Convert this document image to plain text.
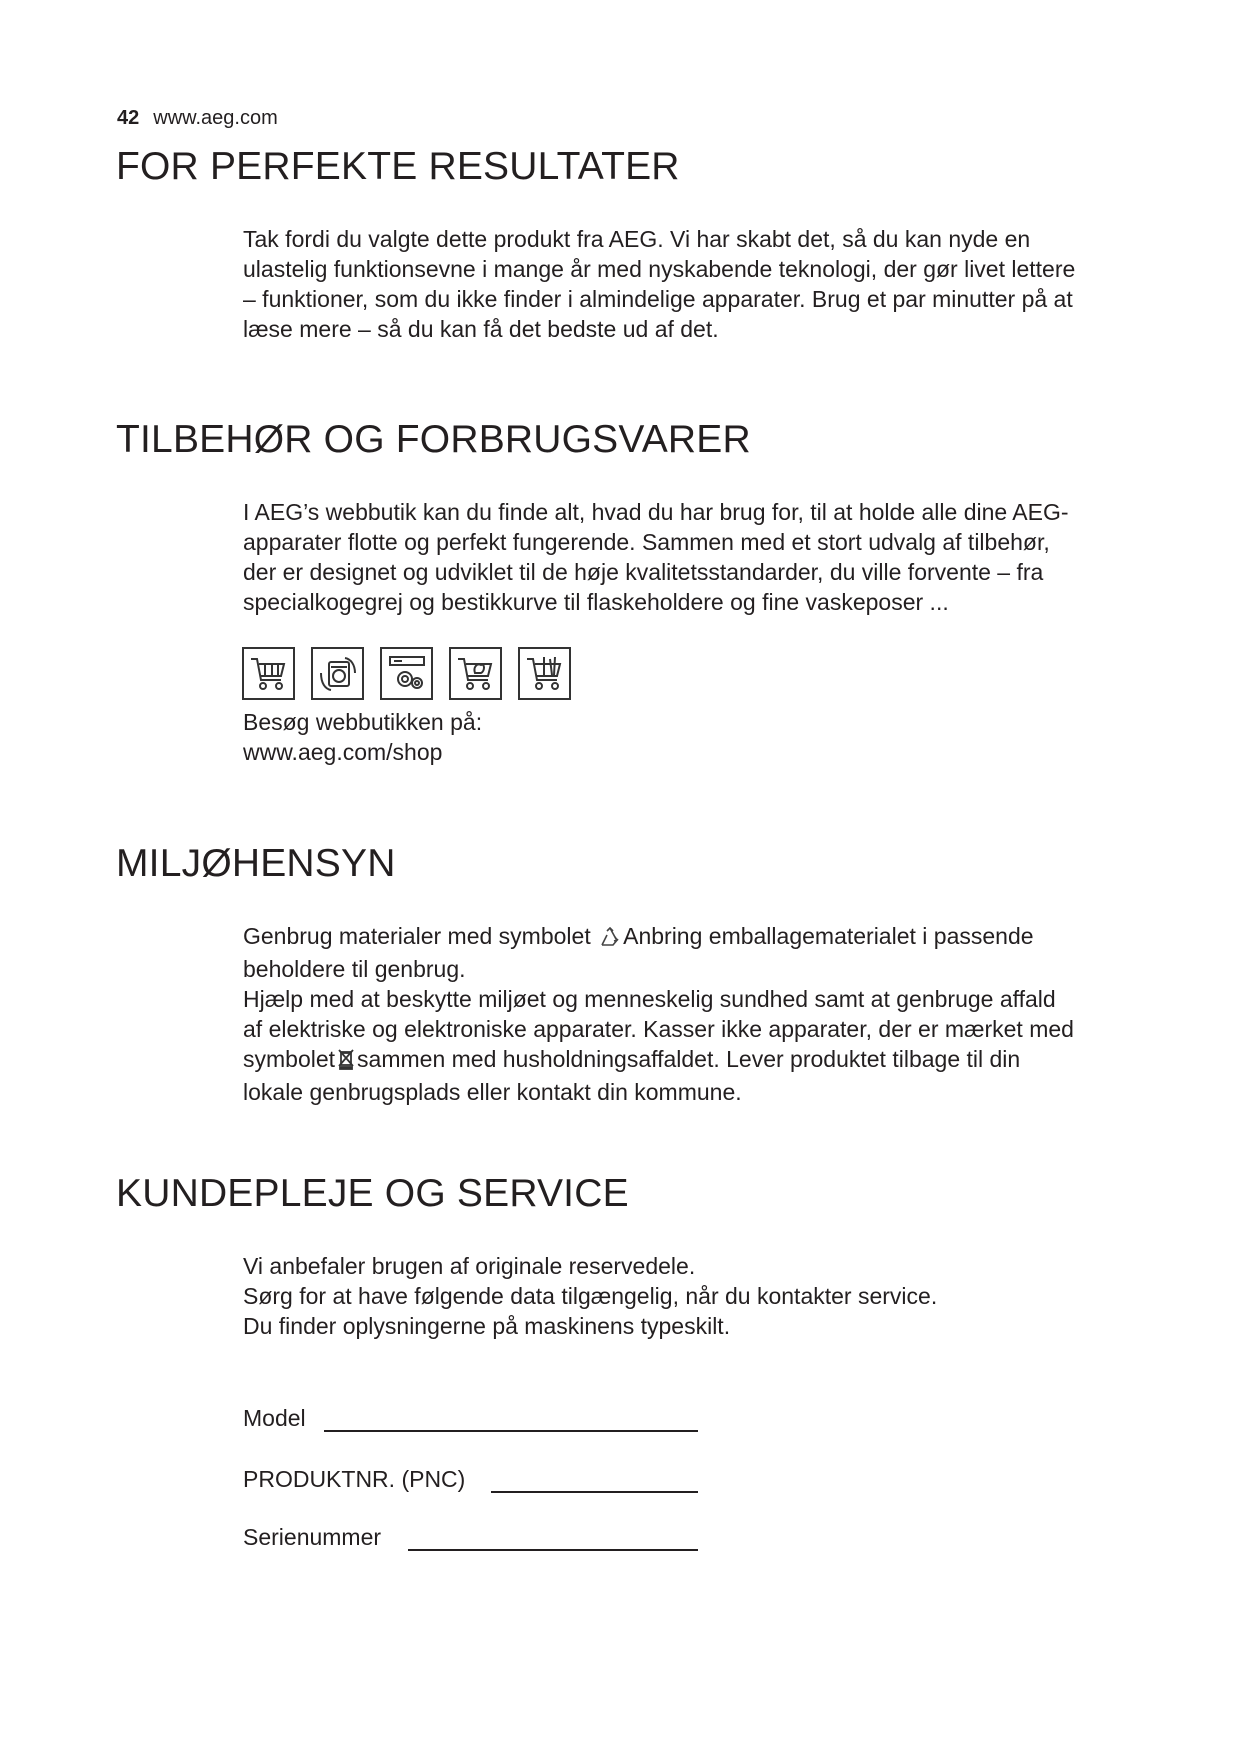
42 www.aeg.com
FOR PERFEKTE RESULTATER
Tak fordi du valgte dette produkt fra AEG. Vi har skabt det, så du kan nyde en
ulastelig funktionsevne i mange år med nyskabende teknologi, der gør livet lettere
– funktioner, som du ikke finder i almindelige apparater. Brug et par minutter på at
læse mere – så du kan få det bedste ud af det.
TILBEHØR OG FORBRUGSVARER
I AEG’s webbutik kan du finde alt, hvad du har brug for, til at holde alle dine AEG-
apparater flotte og perfekt fungerende. Sammen med et stort udvalg af tilbehør,
der er designet og udviklet til de høje kvalitetsstandarder, du ville forvente – fra
specialkogegrej og bestikkurve til flaskeholdere og fine vaskeposer ...
Besøg webbutikken på:
www.aeg.com/shop
MILJØHENSYN
Genbrug materialer med symbolet Anbring emballagematerialet i passende
beholdere til genbrug.
Hjælp med at beskytte miljøet og menneskelig sundhed samt at genbruge affald
af elektriske og elektroniske apparater. Kasser ikke apparater, der er mærket med
symbolet sammen med husholdningsaffaldet. Lever produktet tilbage til din
lokale genbrugsplads eller kontakt din kommune.
KUNDEPLEJE OG SERVICE
Vi anbefaler brugen af originale reservedele.
Sørg for at have følgende data tilgængelig, når du kontakter service.
Du finder oplysningerne på maskinens typeskilt.
Model
PRODUKTNR. (PNC)
Serienummer
